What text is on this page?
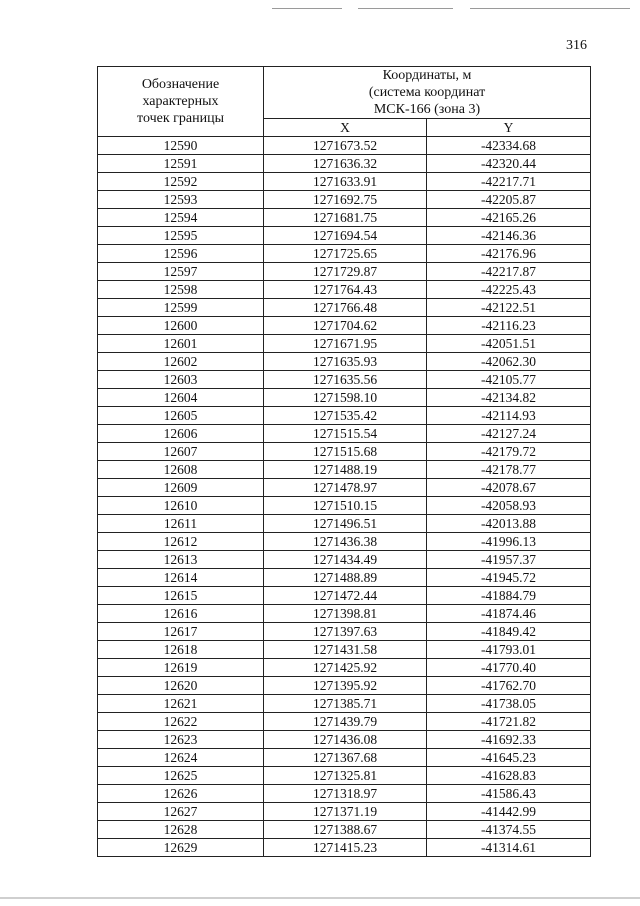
316
Обозначение
характерных
точек границы	Координаты, м
(система координат
МСК-166 (зона 3)	

	X	Y
12590	1271673.52	-42334.68
12591	1271636.32	-42320.44
12592	1271633.91	-42217.71
12593	1271692.75	-42205.87
12594	1271681.75	-42165.26
12595	1271694.54	-42146.36
12596	1271725.65	-42176.96
12597	1271729.87	-42217.87
12598	1271764.43	-42225.43
12599	1271766.48	-42122.51
12600	1271704.62	-42116.23
12601	1271671.95	-42051.51
12602	1271635.93	-42062.30
12603	1271635.56	-42105.77
12604	1271598.10	-42134.82
12605	1271535.42	-42114.93
12606	1271515.54	-42127.24
12607	1271515.68	-42179.72
12608	1271488.19	-42178.77
12609	1271478.97	-42078.67
12610	1271510.15	-42058.93
12611	1271496.51	-42013.88
12612	1271436.38	-41996.13
12613	1271434.49	-41957.37
12614	1271488.89	-41945.72
12615	1271472.44	-41884.79
12616	1271398.81	-41874.46
12617	1271397.63	-41849.42
12618	1271431.58	-41793.01
12619	1271425.92	-41770.40
12620	1271395.92	-41762.70
12621	1271385.71	-41738.05
12622	1271439.79	-41721.82
12623	1271436.08	-41692.33
12624	1271367.68	-41645.23
12625	1271325.81	-41628.83
12626	1271318.97	-41586.43
12627	1271371.19	-41442.99
12628	1271388.67	-41374.55
12629	1271415.23	-41314.61
